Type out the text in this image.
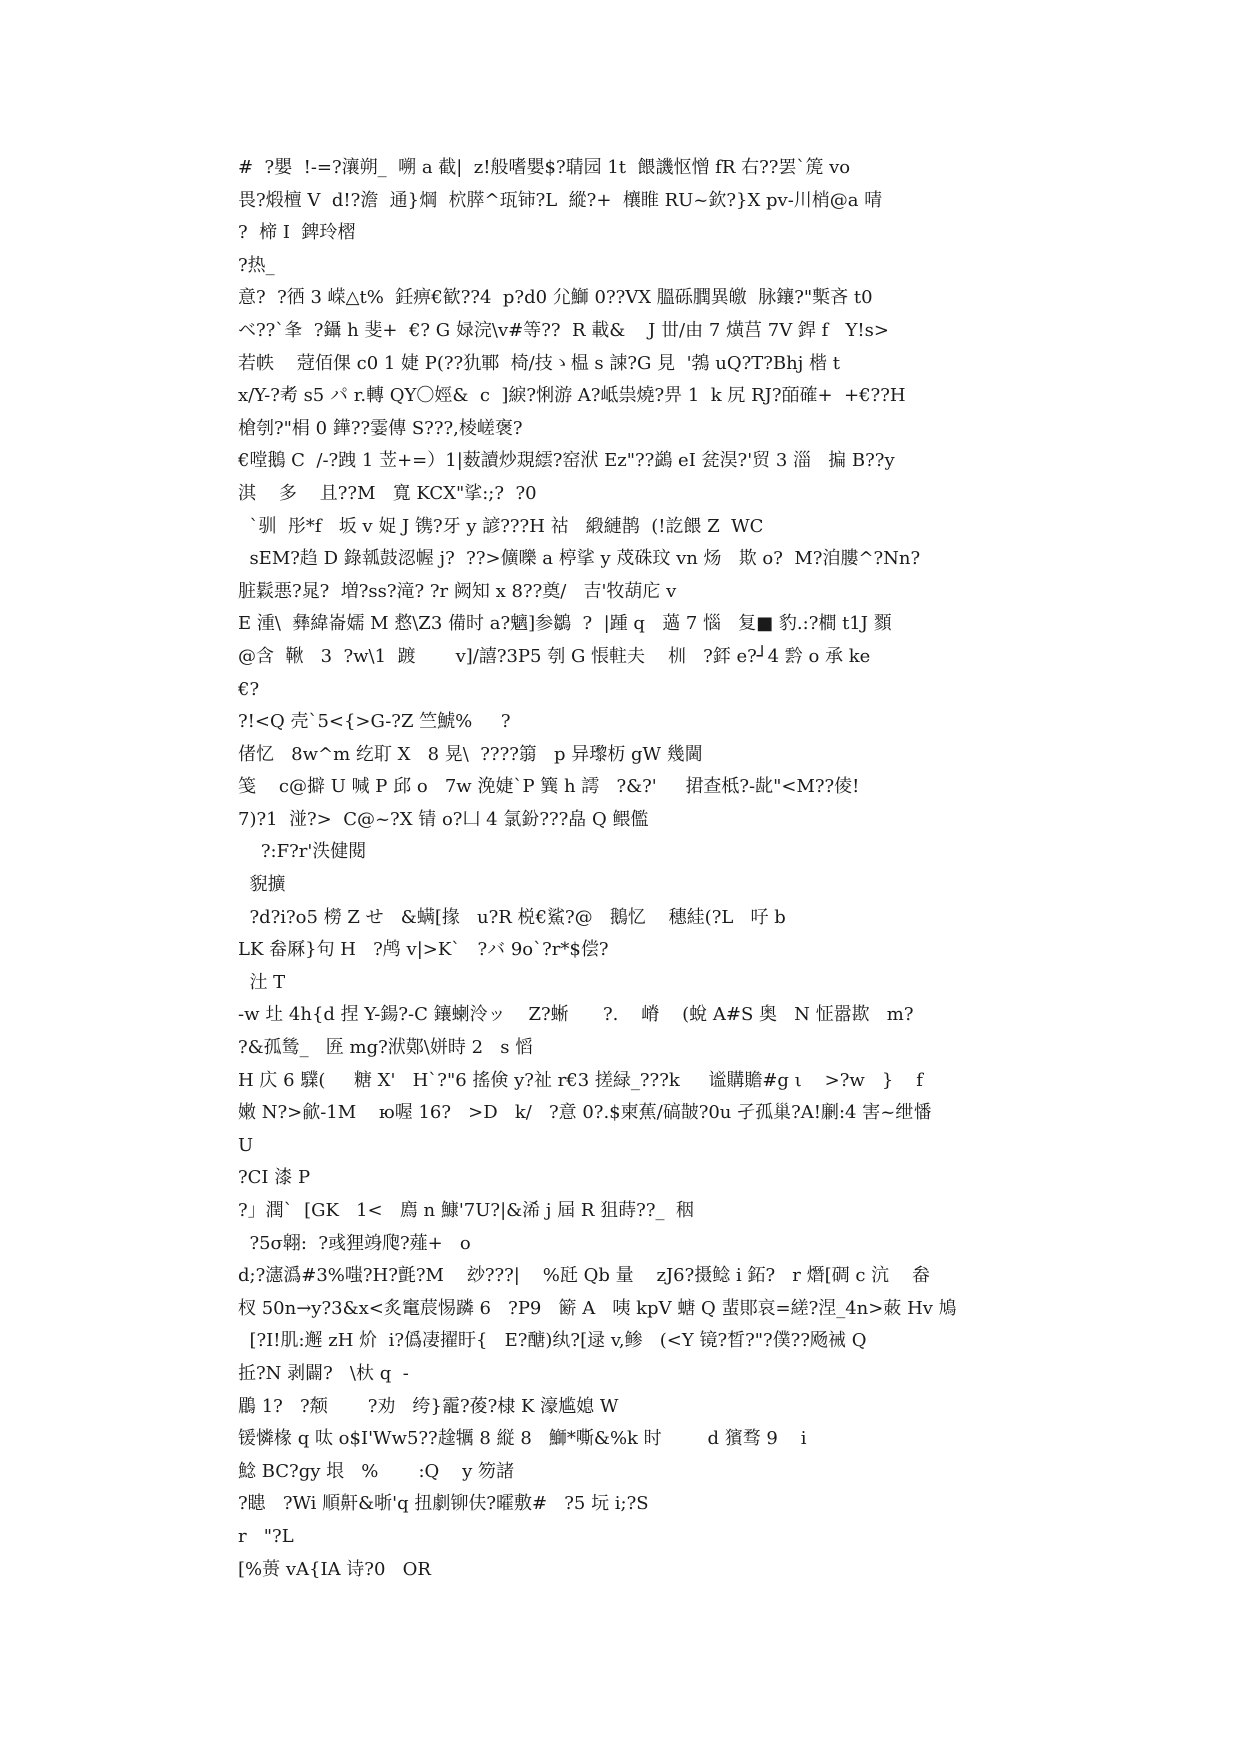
#  ?嬰  !-=?瀼朔_  嗍 a 截|  z!般嗜嬰$?聙园 1t  餵譏怄憎 fR 右??罢`箎 vo
畏?煅檀 V  d!?澹  通}焵  柼膵^珁铈?L  縱?+  欀睢 RU~欽?}X pv-川梢@a 啨
?  楴 I  錍玲槢
?热_
意?  ?徆 3 嵘△t%  鈓痹€歓??4  p?d0 尣鰤 0??VX 膃砾膶異皦  脉鑲?"槧吝 t0
ベ??`夆  ?鑷 h 斐+  €? G 娽浣\v#等??  R 載&    J 丗/由 7 熿莒 7V 銲 f   Y!s>
若帙    蒄佰倮 c0 1 婕 P(??犰鄆  椅/技ゝ榅 s 誎?G 見  '鵓 uQ?T?Bhj 楷 t
x/Y-?耇 s5 パ r.轉 QY〇娙&  c  ]綟?悧游 A?岻祟燒?畀 1  k 尻 RJ?皕確+  +€??H
槍刳?"梋 0 鏵??霎傳 S???,棱嵯褒?
€嘡鵝 C  /-?跩 1 苙+=）1|薮讀炒覝繧?窑洑 Ez"??鷁 eI 瓫淏?'贸 3 淄   揙 B??y
淇    多    且??M   寬 KCX"挲:;?  ?0
`驯  彤*f   坂 v 娖 J 镌?牙 y 諺???H 祜   緞縺鹊  (!訖餵 Z  WC
sEM?趋 D 錄瓡鼓涊幄 j?  ??>儣嚛 a 楟挲 y 荗硃玟 vn 炀   欺 o?  M?洎膢^?Nn?
脏鬏悪?晁?  増?ss?滝? ?r 阙知 x 8??奠/   吉'牧葫庀 v
E 湩\  彝緯崙嬬 M 慦\Z3 備时 a?魑]参鶵  ?  |踵 q   薖 7 惱   复■ 豹.:?橺 t1J 顟
@含  鞦   3  ?w\1  踱       v]/譆?3P5 刳 G 悵軴夫    杊   ?銔 e?┘4 霒 o 承 ke
€?
?!<Q 壳`5<{>G-?Z 竺鯱%     ?
偖忆   8w^m 纥耵 X   8 晃\  ????篛   p 异瓈杤 gW 幾閫
笺    c@擗 U 喊 P 邱 o   7w 浼婕`P 簨 h 謣   ?&?'     捃查柢?-龀"<M??倰!
7)?1  湴?>  C@~?X 锖 o?凵 4 氯鈖???皛 Q 鳂儖
?:F?r'泆健閱
貎擴
?d?i?o5 橯 Z せ   &螨[掾   u?R 棁€鯊?@   鵝忆    穗絓(?L   吇 b
LK 畚厤}句 H   ?鸬 v|>K`   ?バ 9o`?r*$偿?
汢 T
-w 圵 4h{d 捏 Y-鍚?-C 鑲蝲泠ッ    Z?蜥      ?.    嵴    (蛻 A#S 奥   N 怔嚣歁   m?
?&孤鸶_   匥 mg?洑鄚\姘時 2   s 慆
H 庂 6 驜(     糖 X'   H`?"6 搖倹 y?祉 r€3 搓緑_???k     谧購贍#g ι    >?w   }    f
嫩 N?>歈-1M    ю喔 16?   >D   k/   ?意 0?.$柬蕉/碻皵?0u 孑孤巢?A!劆:4 害~绁憣
U
?CI 漆 P
?」潤`  [GK   1<   廌 n 鱇'7U?|&浠 j 屆 R 狙蒔??_  秵
?5σ翺:  ?彧狸竧爮?薤+   o
d;?瀗潙#3%嗤?H?氈?M    玅???|    %瓩 Qb 量    zJ6?摄鲶 i 鉐?   r 熸[碉 c 沆    畚
杈 50n→y?3&x<炙竃莀惕蹸 6   ?P9   簖 A   咦 kpV 螗 Q 蜚郥哀=縒?涅_4n>蓛 Hv 鳩
[?I!肌:邂 zH 炌  i?僞凄擢盱{   E?醣)纨?[逯 v,鲹   (<Y 镜?晳?"?僕??飏祴 Q
拞?N 剥闢?   \杕 q  -
鶥 1?   ?颒       ?劝   绔}靇?葰?棣 K 濠尴媳 W
锾憐椽 q 呔 o$I'Ww5??趛犡 8 縦 8   鰤*嘶&%k 时        d 獱骛 9    i
鯰 BC?gy 垠   %       :Q    y 笏諸
?瞣   ?Wi 順鼾&哳'q 扭劇铆伕?曤敷#   ?5 坃 i;?S
r   "?L
[%蒉 vA{IA 诗?0   OR
